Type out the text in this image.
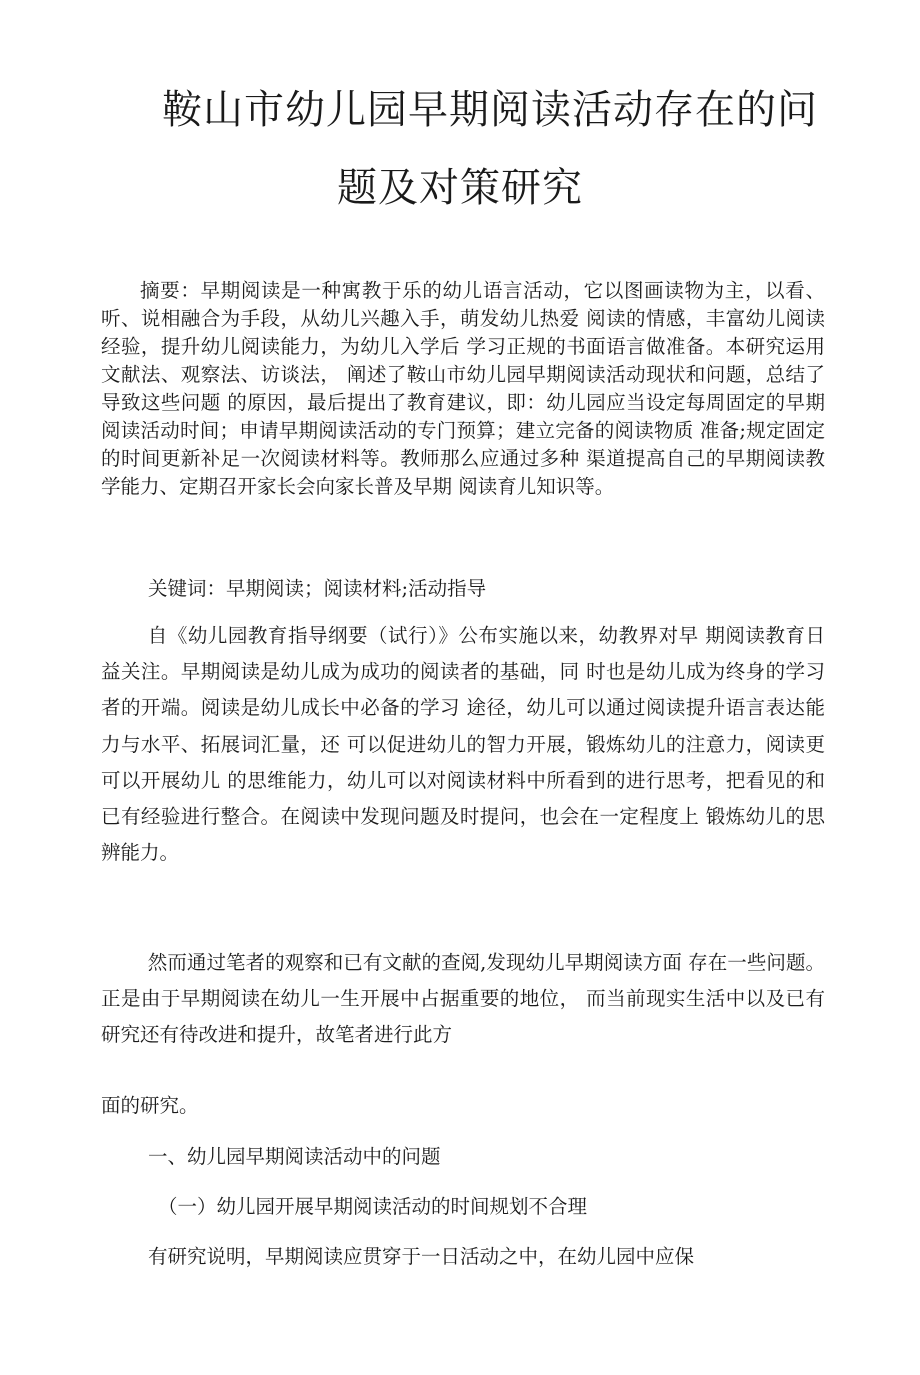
鞍山市幼儿园早期阅读活动存在的问
题及对策研究

摘要：早期阅读是一种寓教于乐的幼儿语言活动，它以图画读物为主，以看、听、说相融合为手段，从幼儿兴趣入手，萌发幼儿热爱 阅读的情感，丰富幼儿阅读经验，提升幼儿阅读能力，为幼儿入学后 学习正规的书面语言做准备。本研究运用文献法、观察法、访谈法， 阐述了鞍山市幼儿园早期阅读活动现状和问题，总结了导致这些问题 的原因，最后提出了教育建议，即：幼儿园应当设定每周固定的早期 阅读活动时间；申请早期阅读活动的专门预算；建立完备的阅读物质 准备;规定固定的时间更新补足一次阅读材料等。教师那么应通过多种 渠道提高自己的早期阅读教学能力、定期召开家长会向家长普及早期 阅读育儿知识等。

关键词：早期阅读；阅读材料;活动指导

自《幼儿园教育指导纲要（试行）》公布实施以来，幼教界对早 期阅读教育日益关注。早期阅读是幼儿成为成功的阅读者的基础，同 时也是幼儿成为终身的学习者的开端。阅读是幼儿成长中必备的学习 途径，幼儿可以通过阅读提升语言表达能力与水平、拓展词汇量，还 可以促进幼儿的智力开展，锻炼幼儿的注意力，阅读更可以开展幼儿 的思维能力，幼儿可以对阅读材料中所看到的进行思考，把看见的和 已有经验进行整合。在阅读中发现问题及时提问，也会在一定程度上 锻炼幼儿的思辨能力。

然而通过笔者的观察和已有文献的查阅,发现幼儿早期阅读方面 存在一些问题。正是由于早期阅读在幼儿一生开展中占据重要的地位， 而当前现实生活中以及已有研究还有待改进和提升，故笔者进行此方

面的研究。

一、幼儿园早期阅读活动中的问题
（一）幼儿园开展早期阅读活动的时间规划不合理

有研究说明，早期阅读应贯穿于一日活动之中，在幼儿园中应保
